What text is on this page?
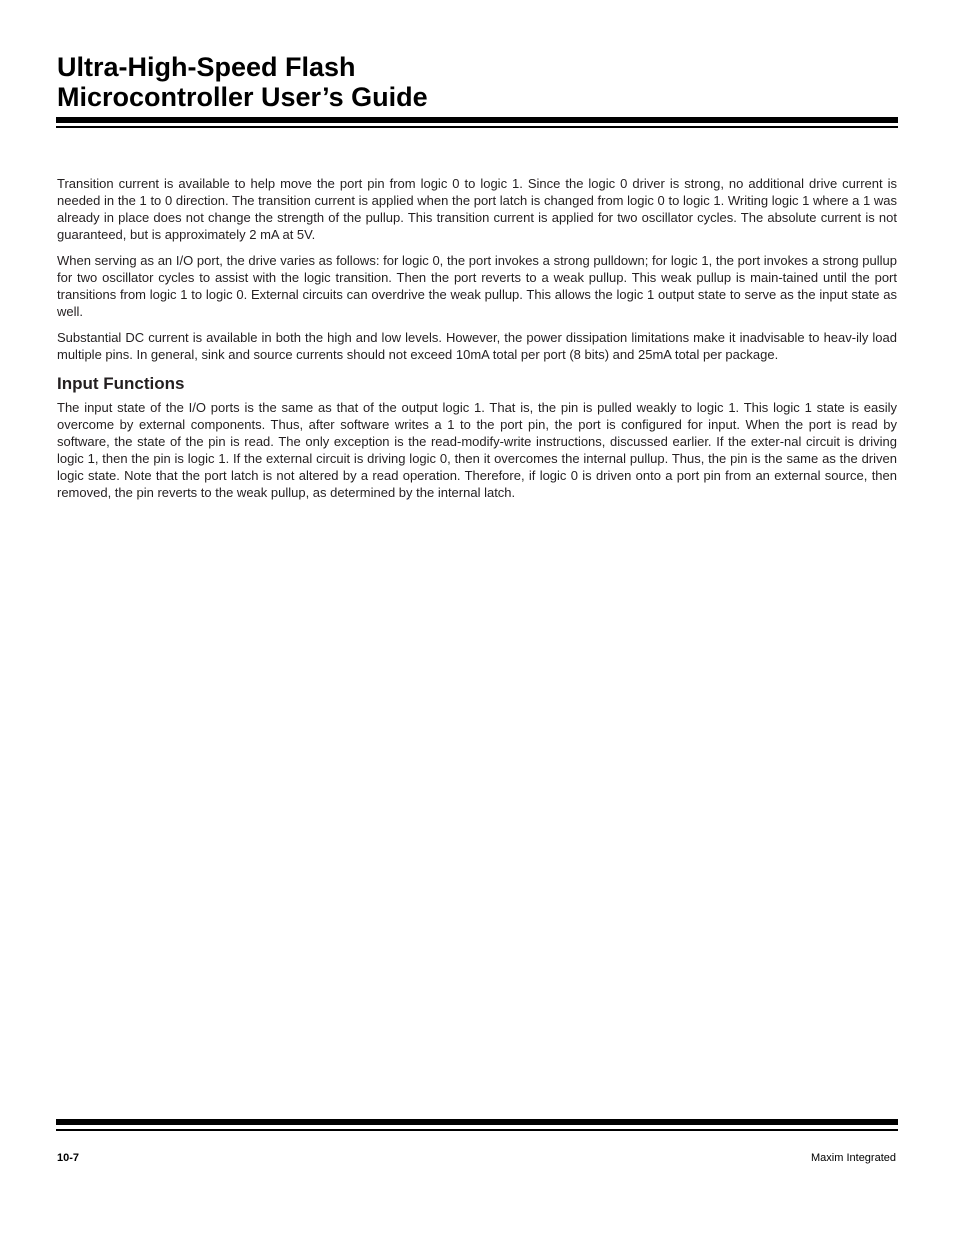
Ultra-High-Speed Flash
Microcontroller User’s Guide

Transition current is available to help move the port pin from logic 0 to logic 1. Since the logic 0 driver is strong, no additional drive current is needed in the 1 to 0 direction. The transition current is applied when the port latch is changed from logic 0 to logic 1. Writing logic 1 where a 1 was already in place does not change the strength of the pullup. This transition current is applied for two oscillator cycles. The absolute current is not guaranteed, but is approximately 2 mA at 5V.

When serving as an I/O port, the drive varies as follows: for logic 0, the port invokes a strong pulldown; for logic 1, the port invokes a strong pullup for two oscillator cycles to assist with the logic transition. Then the port reverts to a weak pullup. This weak pullup is main-tained until the port transitions from logic 1 to logic 0. External circuits can overdrive the weak pullup. This allows the logic 1 output state to serve as the input state as well.

Substantial DC current is available in both the high and low levels. However, the power dissipation limitations make it inadvisable to heav-ily load multiple pins. In general, sink and source currents should not exceed 10mA total per port (8 bits) and 25mA total per package.

Input Functions

The input state of the I/O ports is the same as that of the output logic 1. That is, the pin is pulled weakly to logic 1. This logic 1 state is easily overcome by external components. Thus, after software writes a 1 to the port pin, the port is configured for input. When the port is read by software, the state of the pin is read. The only exception is the read-modify-write instructions, discussed earlier. If the exter-nal circuit is driving logic 1, then the pin is logic 1. If the external circuit is driving logic 0, then it overcomes the internal pullup. Thus, the pin is the same as the driven logic state. Note that the port latch is not altered by a read operation. Therefore, if logic 0 is driven onto a port pin from an external source, then removed, the pin reverts to the weak pullup, as determined by the internal latch.

10-7	Maxim Integrated
